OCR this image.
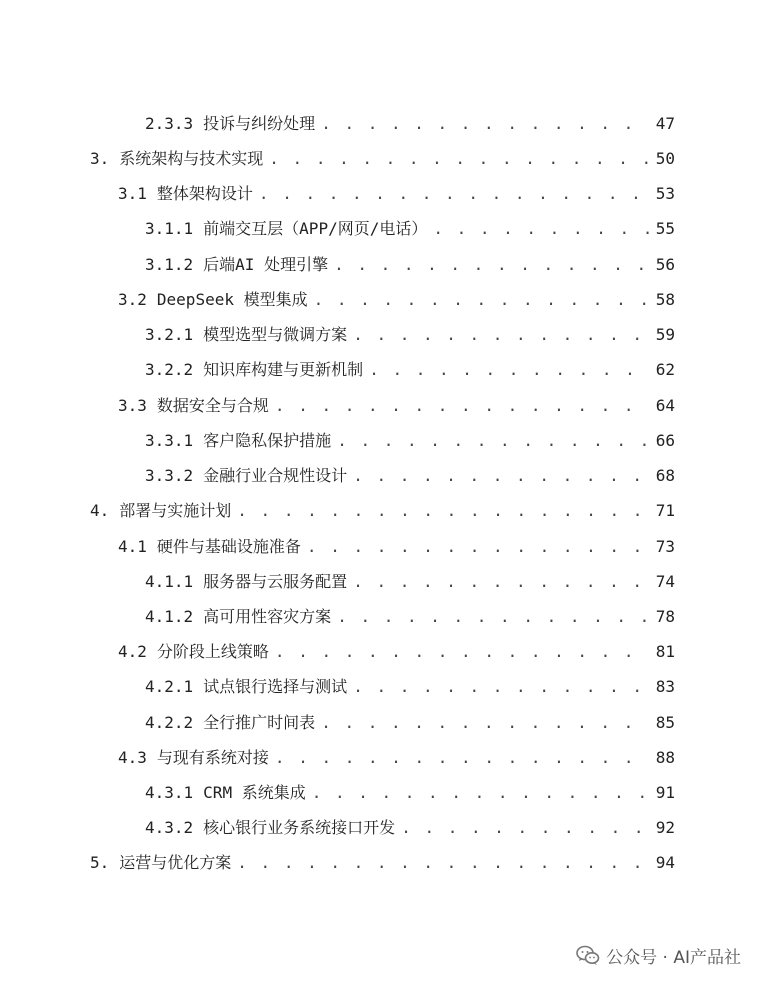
2.3.3 投诉与纠纷处理 . . .	47
3. 系统架构与技术实现 . . .	50
3.1 整体架构设计 . . .	53
3.1.1 前端交互层（APP/网页/电话） . . .	55
3.1.2 后端AI 处理引擎 . . .	56
3.2 DeepSeek 模型集成 . . .	58
3.2.1 模型选型与微调方案 . . .	59
3.2.2 知识库构建与更新机制 . . .	62
3.3 数据安全与合规 . . .	64
3.3.1 客户隐私保护措施 . . .	66
3.3.2 金融行业合规性设计 . . .	68
4. 部署与实施计划 . . .	71
4.1 硬件与基础设施准备 . . .	73
4.1.1 服务器与云服务配置 . . .	74
4.1.2 高可用性容灾方案 . . .	78
4.2 分阶段上线策略 . . .	81
4.2.1 试点银行选择与测试 . . .	83
4.2.2 全行推广时间表 . . .	85
4.3 与现有系统对接 . . .	88
4.3.1 CRM 系统集成 . . .	91
4.3.2 核心银行业务系统接口开发 . . .	92
5. 运营与优化方案 . . .	94
公众号 · AI产品社
